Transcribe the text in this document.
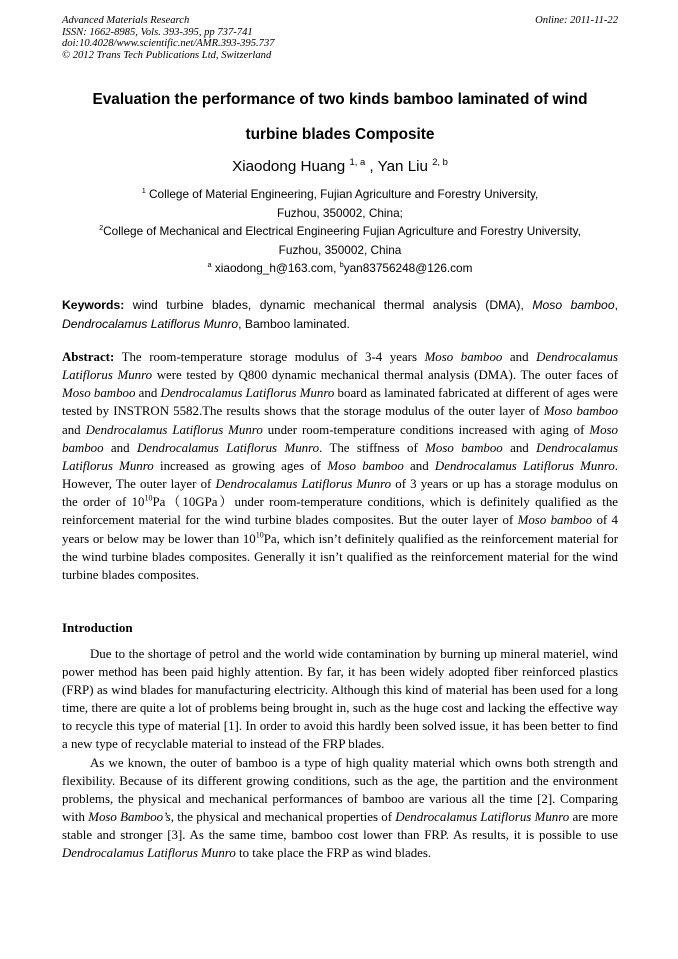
Advanced Materials Research
ISSN: 1662-8985, Vols. 393-395, pp 737-741
doi:10.4028/www.scientific.net/AMR.393-395.737
© 2012 Trans Tech Publications Ltd, Switzerland
Online: 2011-11-22
Evaluation the performance of two kinds bamboo laminated of wind
turbine blades Composite
Xiaodong Huang $^{1, a}$ , Yan Liu $^{2, b}$
$^1$ College of Material Engineering, Fujian Agriculture and Forestry University,
Fuzhou, 350002, China;
$^2$College of Mechanical and Electrical Engineering Fujian Agriculture and Forestry University,
Fuzhou, 350002, China
$^a$ xiaodong_h@163.com, $^b$yan83756248@126.com
Keywords: wind turbine blades, dynamic mechanical thermal analysis (DMA), Moso bamboo, Dendrocalamus Latiflorus Munro, Bamboo laminated.
Abstract: The room-temperature storage modulus of 3-4 years Moso bamboo and Dendrocalamus Latiflorus Munro were tested by Q800 dynamic mechanical thermal analysis (DMA). The outer faces of Moso bamboo and Dendrocalamus Latiflorus Munro board as laminated fabricated at different of ages were tested by INSTRON 5582.The results shows that the storage modulus of the outer layer of Moso bamboo and Dendrocalamus Latiflorus Munro under room-temperature conditions increased with aging of Moso bamboo and Dendrocalamus Latiflorus Munro. The stiffness of Moso bamboo and Dendrocalamus Latiflorus Munro increased as growing ages of Moso bamboo and Dendrocalamus Latiflorus Munro. However, The outer layer of Dendrocalamus Latiflorus Munro of 3 years or up has a storage modulus on the order of $10^{10}Pa(10GPa)under$ room-temperature conditions, which is definitely qualified as the reinforcement material for the wind turbine blades composites. But the outer layer of Moso bamboo of 4 years or below may be lower than $10^{10}Pa$, which isn’t definitely qualified as the reinforcement material for the wind turbine blades composites. Generally it isn’t qualified as the reinforcement material for the wind turbine blades composites.
Introduction

Due to the shortage of petrol and the world wide contamination by burning up mineral materiel, wind power method has been paid highly attention. By far, it has been widely adopted fiber reinforced plastics (FRP) as wind blades for manufacturing electricity. Although this kind of material has been used for a long time, there are quite a lot of problems being brought in, such as the huge cost and lacking the effective way to recycle this type of material [1]. In order to avoid this hardly been solved issue, it has been better to find a new type of recyclable material to instead of the FRP blades.

As we known, the outer of bamboo is a type of high quality material which owns both strength and flexibility. Because of its different growing conditions, such as the age, the partition and the environment problems, the physical and mechanical performances of bamboo are various all the time [2]. Comparing with Moso Bamboo’s, the physical and mechanical properties of Dendrocalamus Latiflorus Munro are more stable and stronger [3]. As the same time, bamboo cost lower than FRP. As results, it is possible to use Dendrocalamus Latiflorus Munro to take place the FRP as wind blades.
